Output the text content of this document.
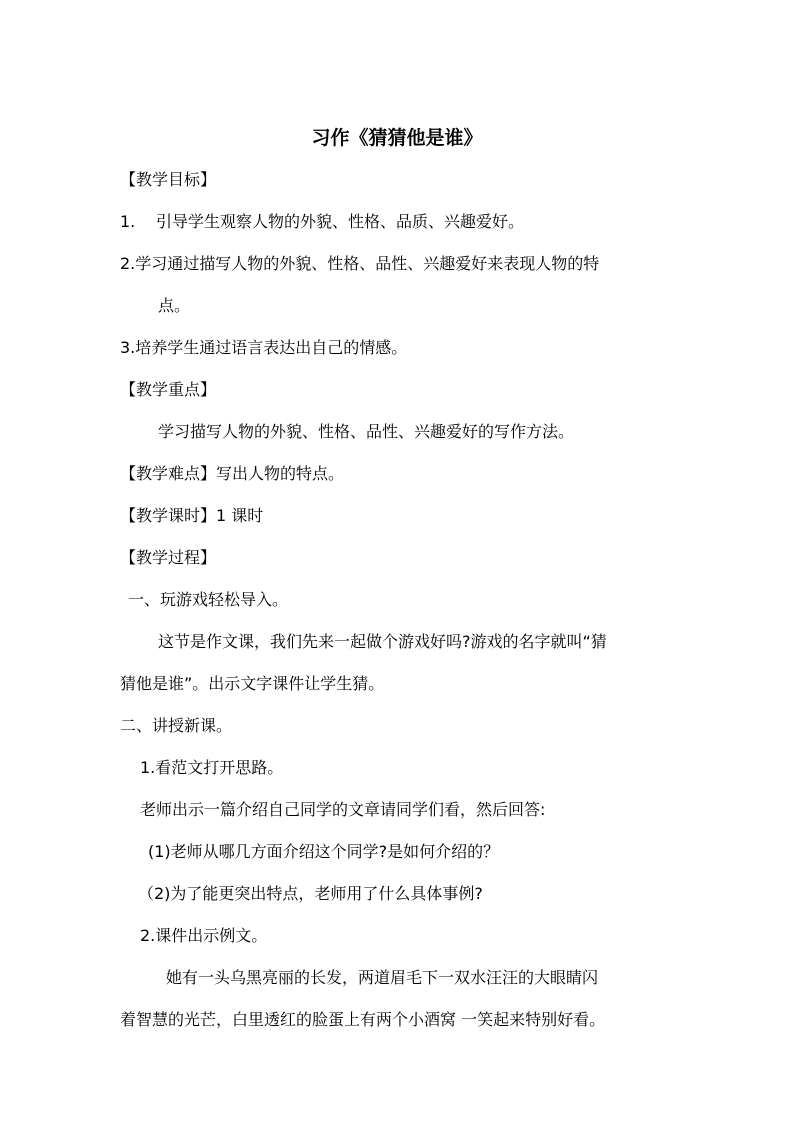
习作《猜猜他是谁》
【教学目标】
1. 引导学生观察人物的外貌、性格、品质、兴趣爱好。
2.学习通过描写人物的外貌、性格、品性、兴趣爱好来表现人物的特
点。
3.培养学生通过语言表达出自己的情感。
【教学重点】
学习描写人物的外貌、性格、品性、兴趣爱好的写作方法。
【教学难点】写出人物的特点。
【教学课时】1 课时
【教学过程】
一、玩游戏轻松导入。
这节是作文课，我们先来一起做个游戏好吗?游戏的名字就叫“猜
猜他是谁”。出示文字课件让学生猜。
二、讲授新课。
1.看范文打开思路。
老师出示一篇介绍自己同学的文章请同学们看，然后回答:
(1)老师从哪几方面介绍这个同学?是如何介绍的？
（2)为了能更突出特点，老师用了什么具体事例?
2.课件出示例文。
她有一头乌黑亮丽的长发，两道眉毛下一双水汪汪的大眼睛闪
着智慧的光芒，白里透红的脸蛋上有两个小酒窝 一笑起来特别好看。
